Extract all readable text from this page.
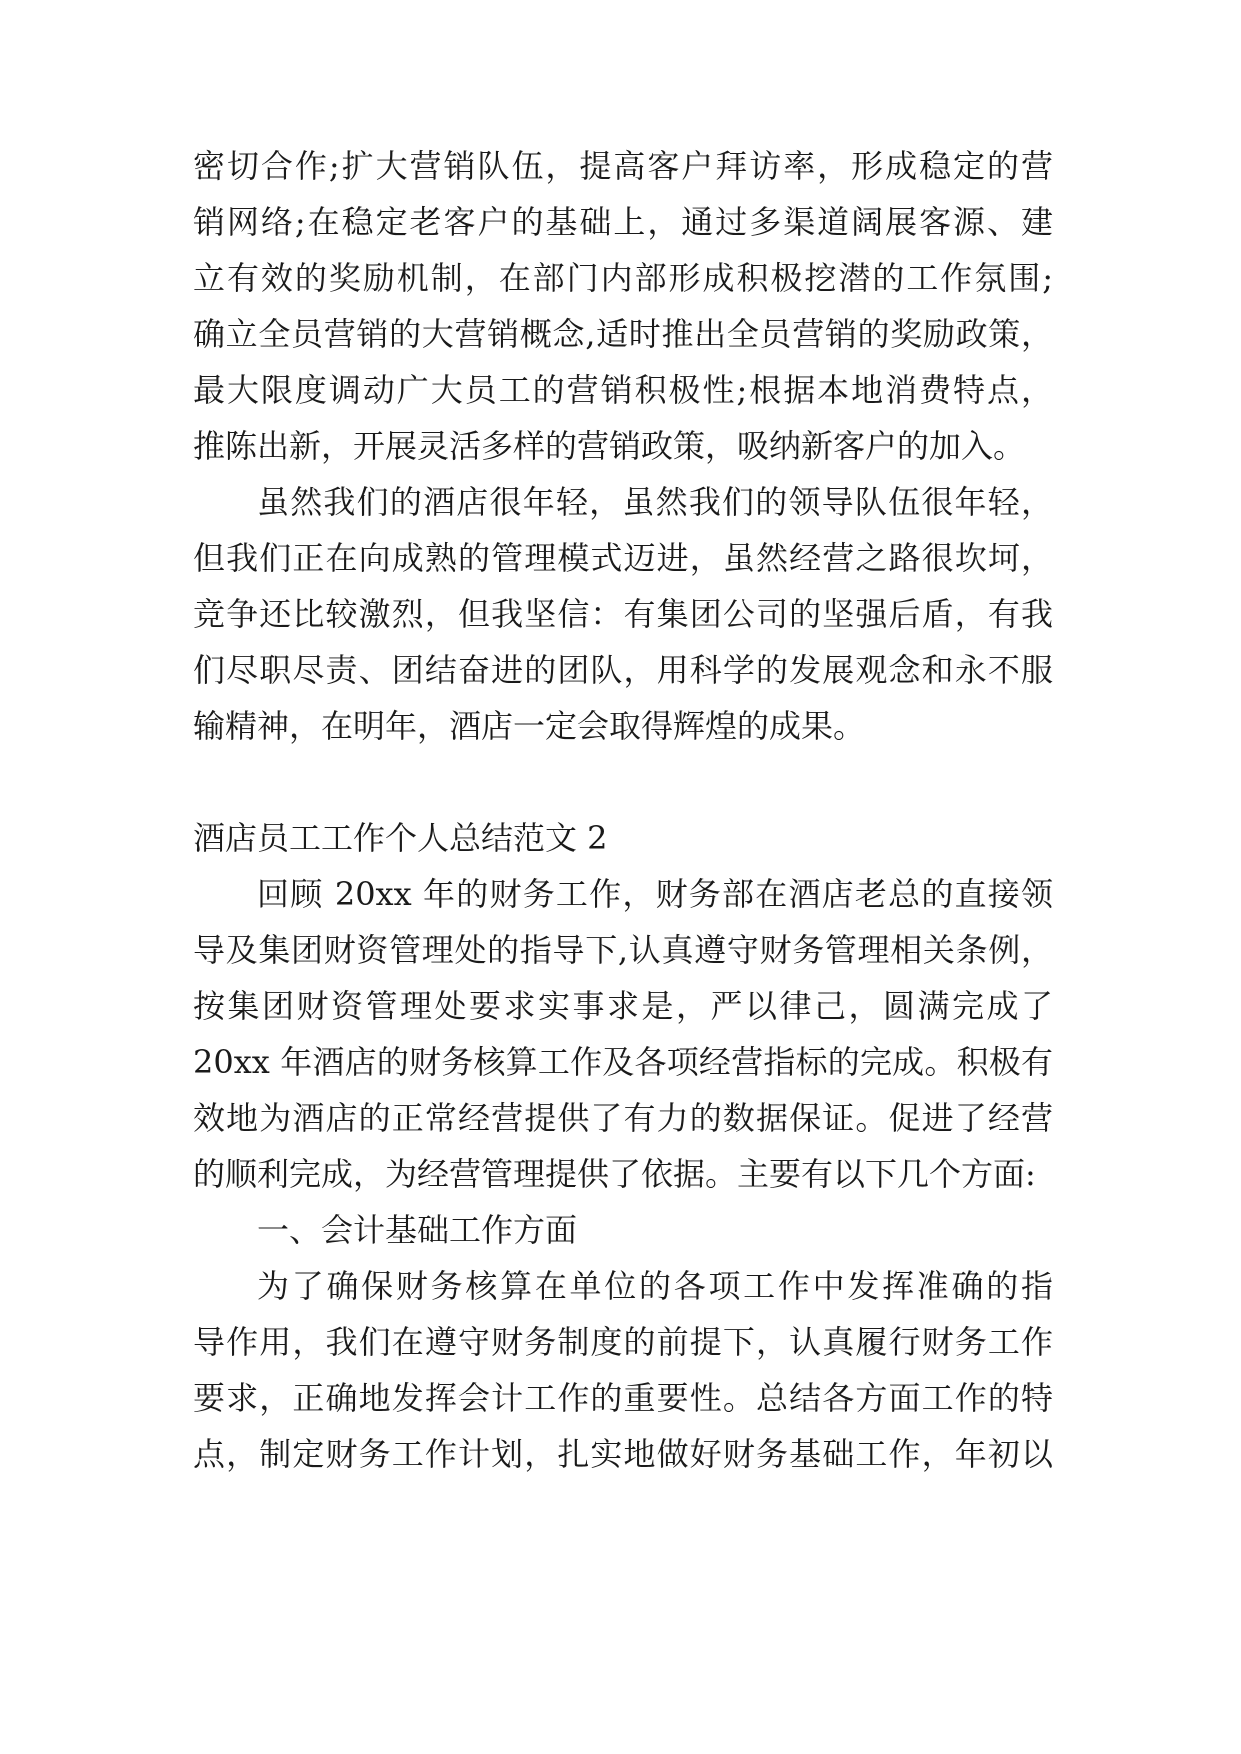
密切合作;扩大营销队伍，提高客户拜访率，形成稳定的营
销网络;在稳定老客户的基础上，通过多渠道阔展客源、建
立有效的奖励机制，在部门内部形成积极挖潜的工作氛围;
确立全员营销的大营销概念,适时推出全员营销的奖励政策，
最大限度调动广大员工的营销积极性;根据本地消费特点，
推陈出新，开展灵活多样的营销政策，吸纳新客户的加入。
虽然我们的酒店很年轻，虽然我们的领导队伍很年轻，
但我们正在向成熟的管理模式迈进，虽然经营之路很坎坷，
竞争还比较激烈，但我坚信：有集团公司的坚强后盾，有我
们尽职尽责、团结奋进的团队，用科学的发展观念和永不服
输精神，在明年，酒店一定会取得辉煌的成果。
酒店员工工作个人总结范文 2
回顾 20xx 年的财务工作，财务部在酒店老总的直接领
导及集团财资管理处的指导下,认真遵守财务管理相关条例，
按集团财资管理处要求实事求是，严以律己，圆满完成了
20xx 年酒店的财务核算工作及各项经营指标的完成。积极有
效地为酒店的正常经营提供了有力的数据保证。促进了经营
的顺利完成，为经营管理提供了依据。主要有以下几个方面:
一、会计基础工作方面
为了确保财务核算在单位的各项工作中发挥准确的指
导作用，我们在遵守财务制度的前提下，认真履行财务工作
要求，正确地发挥会计工作的重要性。总结各方面工作的特
点，制定财务工作计划，扎实地做好财务基础工作，年初以
